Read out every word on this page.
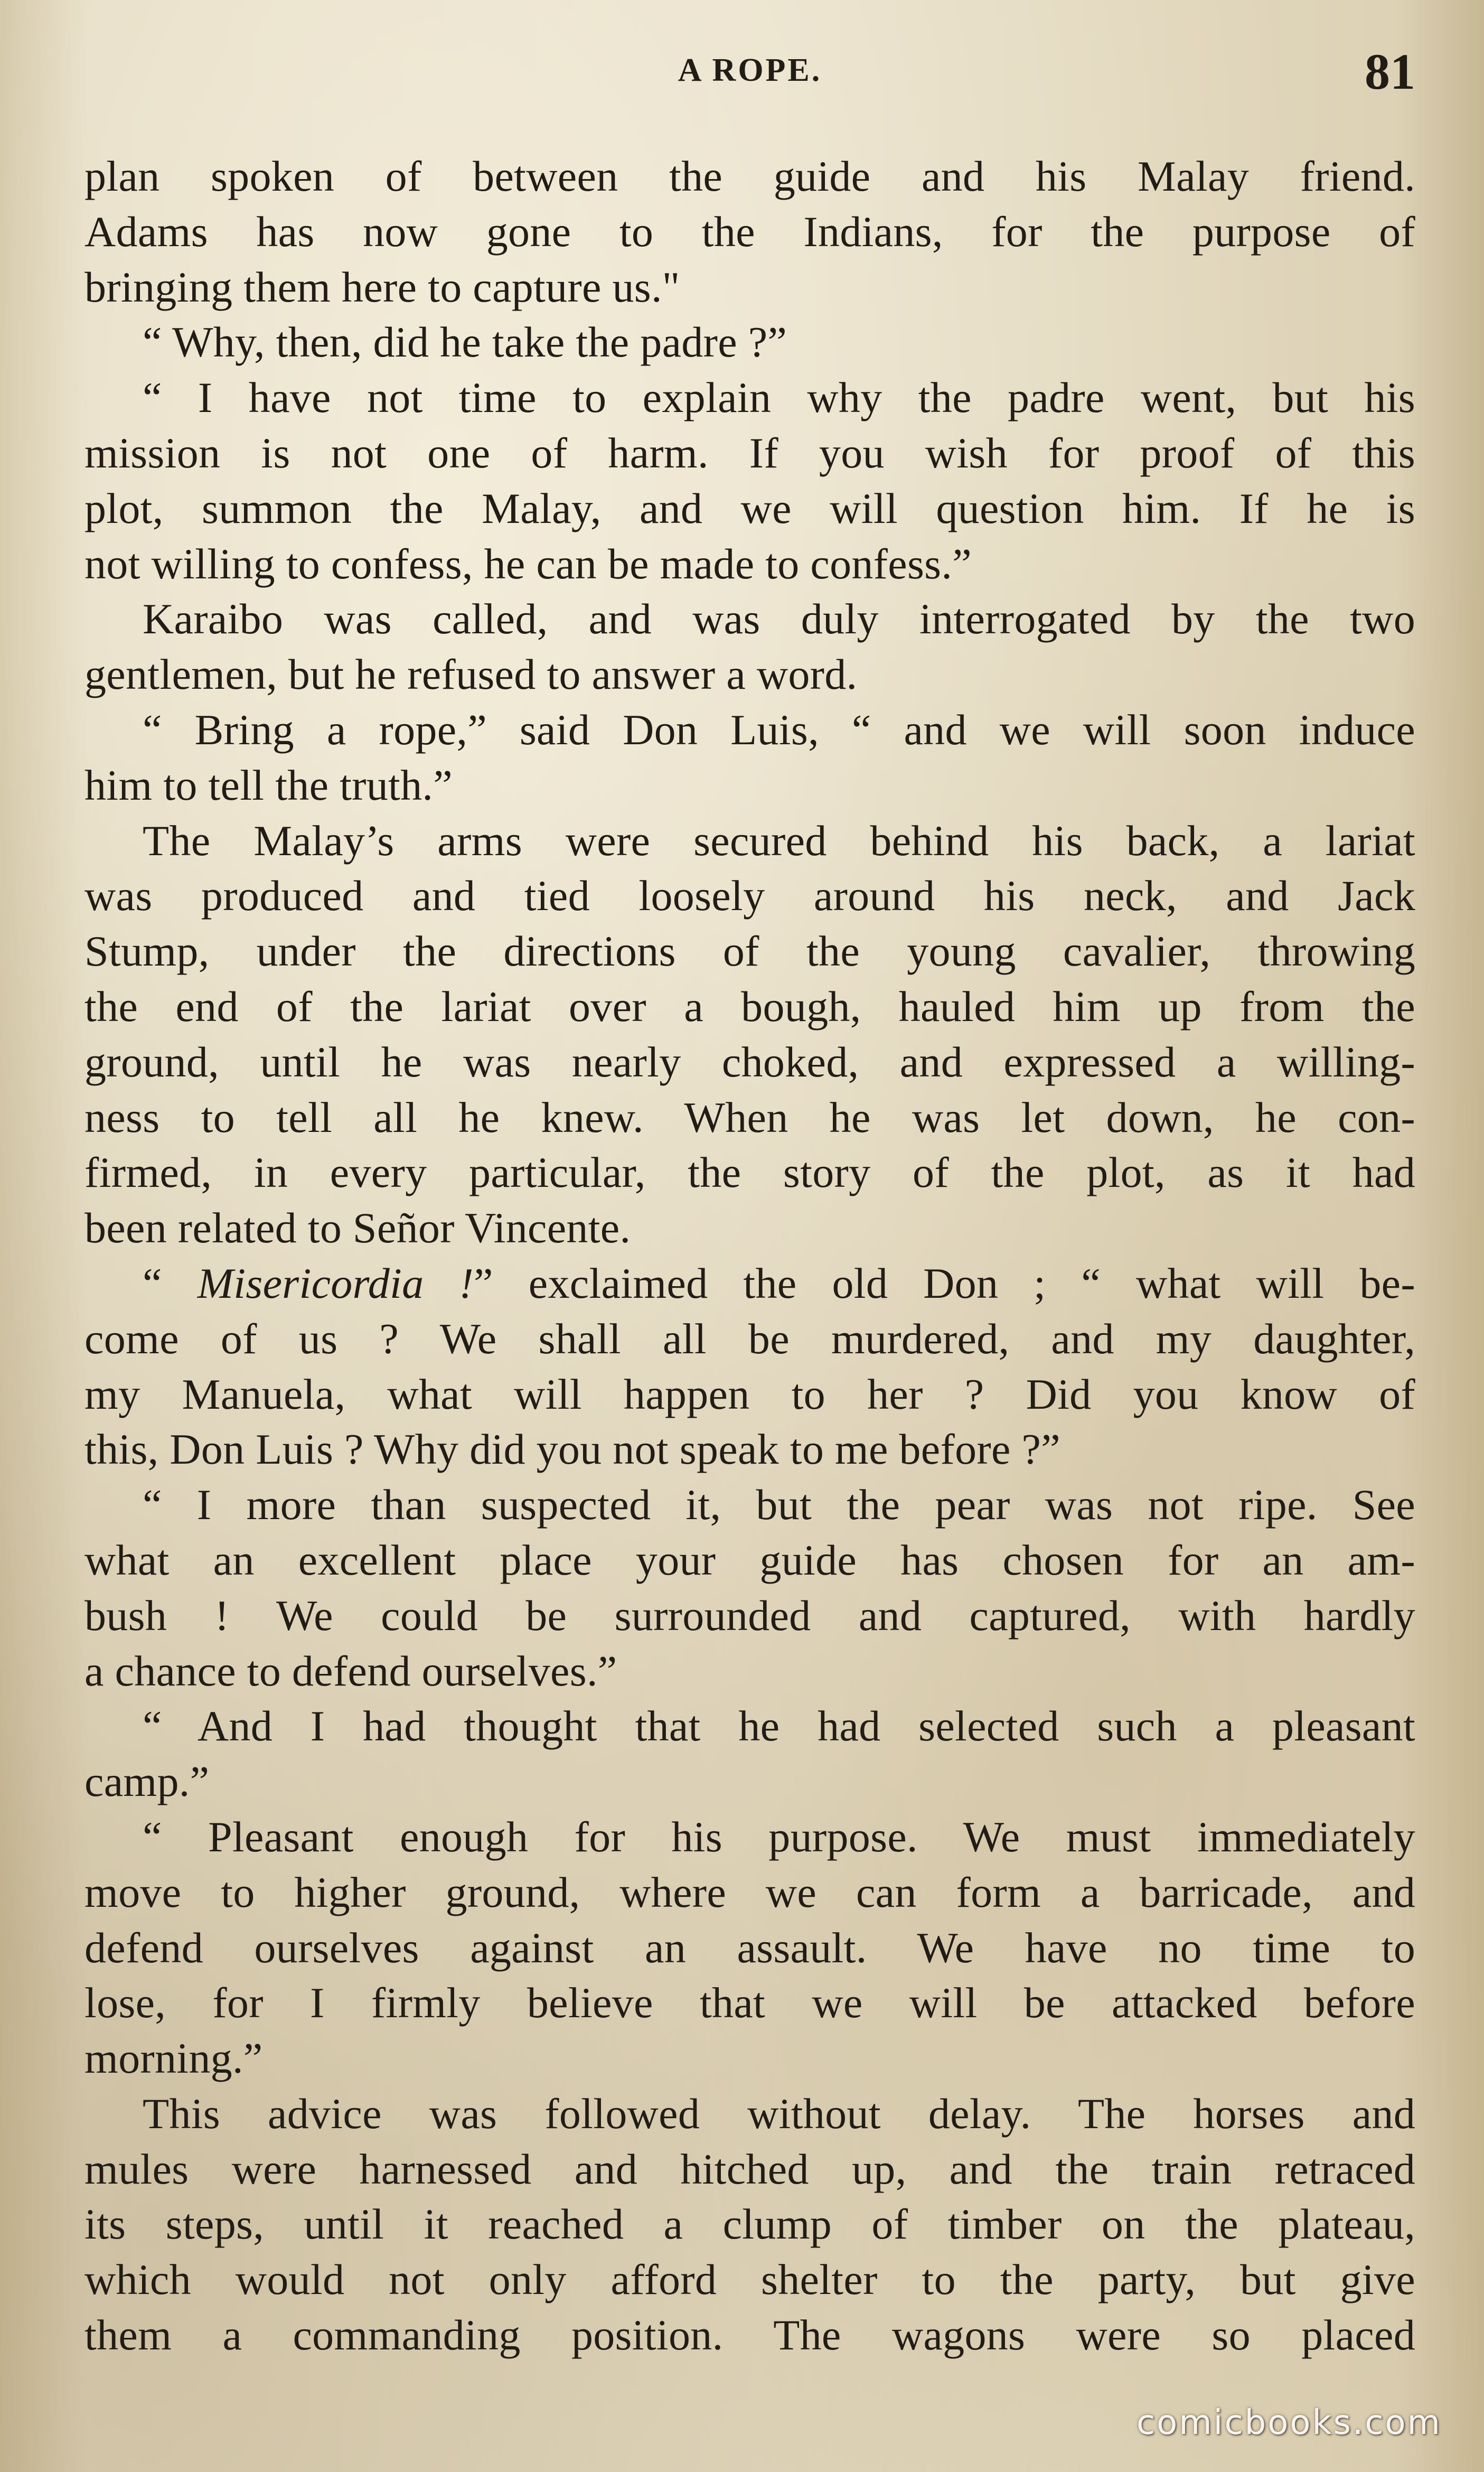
A ROPE.	81
plan spoken of between the guide and his Malay friend.
Adams has now gone to the Indians, for the purpose of
bringing them here to capture us."
“ Why, then, did he take the padre ?”
“ I have not time to explain why the padre went, but his
mission is not one of harm. If you wish for proof of this
plot, summon the Malay, and we will question him. If he is
not willing to confess, he can be made to confess.”
Karaibo was called, and was duly interrogated by the two
gentlemen, but he refused to answer a word.
“ Bring a rope,” said Don Luis, “ and we will soon induce
him to tell the truth.”
The Malay’s arms were secured behind his back, a lariat
was produced and tied loosely around his neck, and Jack
Stump, under the directions of the young cavalier, throwing
the end of the lariat over a bough, hauled him up from the
ground, until he was nearly choked, and expressed a willing-
ness to tell all he knew. When he was let down, he con-
firmed, in every particular, the story of the plot, as it had
been related to Señor Vincente.
“ Misericordia !” exclaimed the old Don ; “ what will be-
come of us ? We shall all be murdered, and my daughter,
my Manuela, what will happen to her ? Did you know of
this, Don Luis ? Why did you not speak to me before ?”
“ I more than suspected it, but the pear was not ripe. See
what an excellent place your guide has chosen for an am-
bush ! We could be surrounded and captured, with hardly
a chance to defend ourselves.”
“ And I had thought that he had selected such a pleasant
camp.”
“ Pleasant enough for his purpose. We must immediately
move to higher ground, where we can form a barricade, and
defend ourselves against an assault. We have no time to
lose, for I firmly believe that we will be attacked before
morning.”
This advice was followed without delay. The horses and
mules were harnessed and hitched up, and the train retraced
its steps, until it reached a clump of timber on the plateau,
which would not only afford shelter to the party, but give
them a commanding position. The wagons were so placed
comicbooks.com
